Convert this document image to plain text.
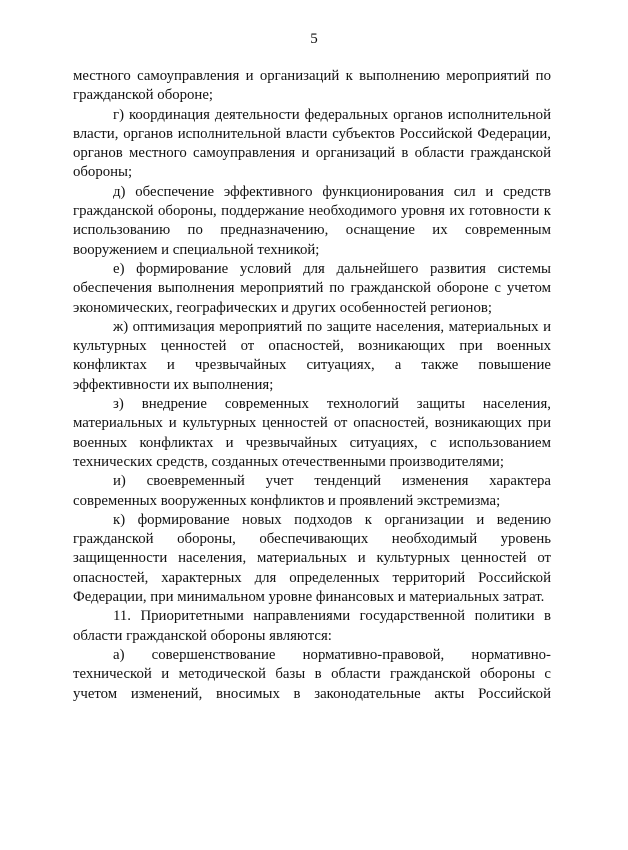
5

местного самоуправления и организаций к выполнению мероприятий по гражданской обороне;

г) координация деятельности федеральных органов исполнительной власти, органов исполнительной власти субъектов Российской Федерации, органов местного самоуправления и организаций в области гражданской обороны;

д) обеспечение эффективного функционирования сил и средств гражданской обороны, поддержание необходимого уровня их готовности к использованию по предназначению, оснащение их современным вооружением и специальной техникой;

е) формирование условий для дальнейшего развития системы обеспечения выполнения мероприятий по гражданской обороне с учетом экономических, географических и других особенностей регионов;

ж) оптимизация мероприятий по защите населения, материальных и культурных ценностей от опасностей, возникающих при военных конфликтах и чрезвычайных ситуациях, а также повышение эффективности их выполнения;

з) внедрение современных технологий защиты населения, материальных и культурных ценностей от опасностей, возникающих при военных конфликтах и чрезвычайных ситуациях, с использованием технических средств, созданных отечественными производителями;

и) своевременный учет тенденций изменения характера современных вооруженных конфликтов и проявлений экстремизма;

к) формирование новых подходов к организации и ведению гражданской обороны, обеспечивающих необходимый уровень защищенности населения, материальных и культурных ценностей от опасностей, характерных для определенных территорий Российской Федерации, при минимальном уровне финансовых и материальных затрат.

11. Приоритетными направлениями государственной политики в области гражданской обороны являются:

а) совершенствование нормативно-правовой, нормативно-технической и методической базы в области гражданской обороны с учетом изменений, вносимых в законодательные акты Российской
